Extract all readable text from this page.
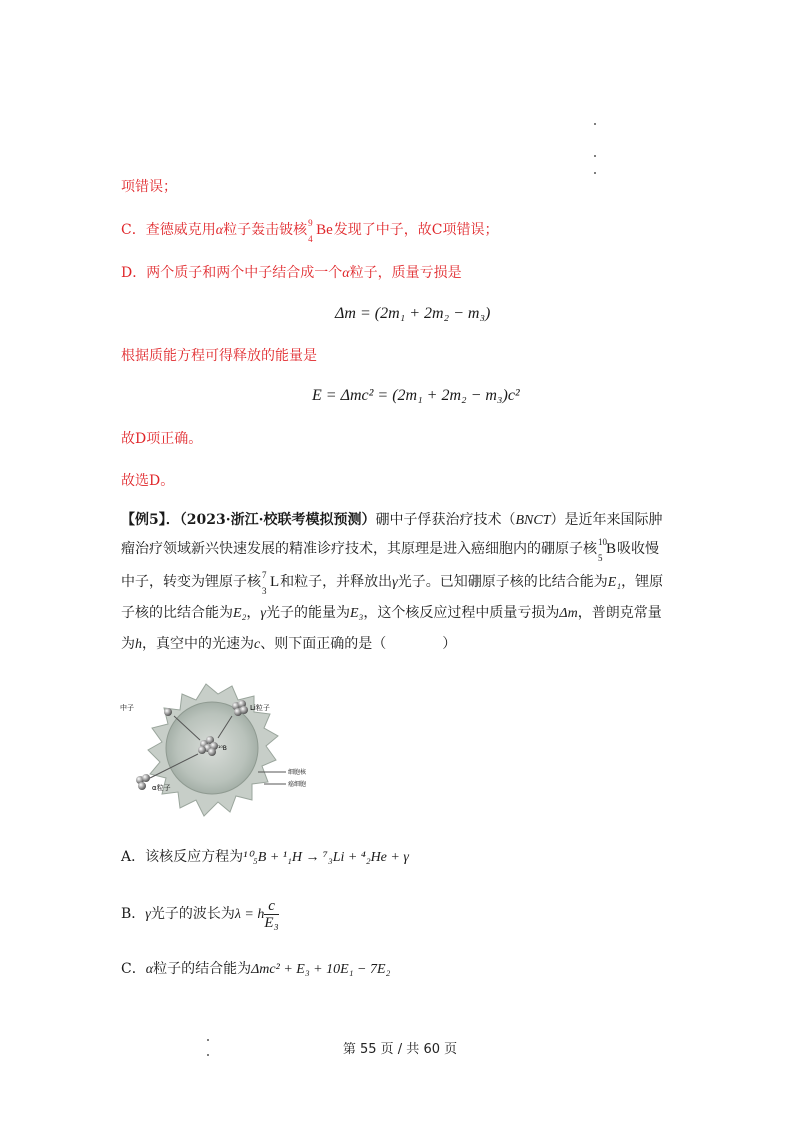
项错误；
C．查德威克用α粒子轰击铍核 9
4
Be发现了中子，故C项错误；
D．两个质子和两个中子结合成一个α粒子，质量亏损是
Δm = (2m₁ + 2m₂ − m₃)
根据质能方程可得释放的能量是
E = Δmc² = (2m₁ + 2m₂ − m₃)c²
故D项正确。
故选D。
【例5】．（2023·浙江·校联考模拟预测）硼中子俘获治疗技术（BNCT）是近年来国际肿
瘤治疗领域新兴快速发展的精准诊疗技术，其原理是进入癌细胞内的硼原子核 10
5
B吸收慢
中子，转变为锂原子核 7
3
L和粒子，并释放出γ光子。已知硼原子核的比结合能为E₁，锂原
子核的比结合能为E₂，γ光子的能量为E₃，这个核反应过程中质量亏损为Δm，普朗克常量
为h，真空中的光速为c、则下面正确的是（　　　　）
中子	Li粒子
¹⁰B
α粒子
细胞核
癌细胞
A．该核反应方程为¹⁰₅B + ¹₁H → ⁷₃Li + ⁴₂He + γ
B．γ光子的波长为λ = h $\frac{c}{\text{E₃}}$
C．α粒子的结合能为Δmc² + E₃ + 10E₁ − 7E₂
第 55 页 / 共 60 页
